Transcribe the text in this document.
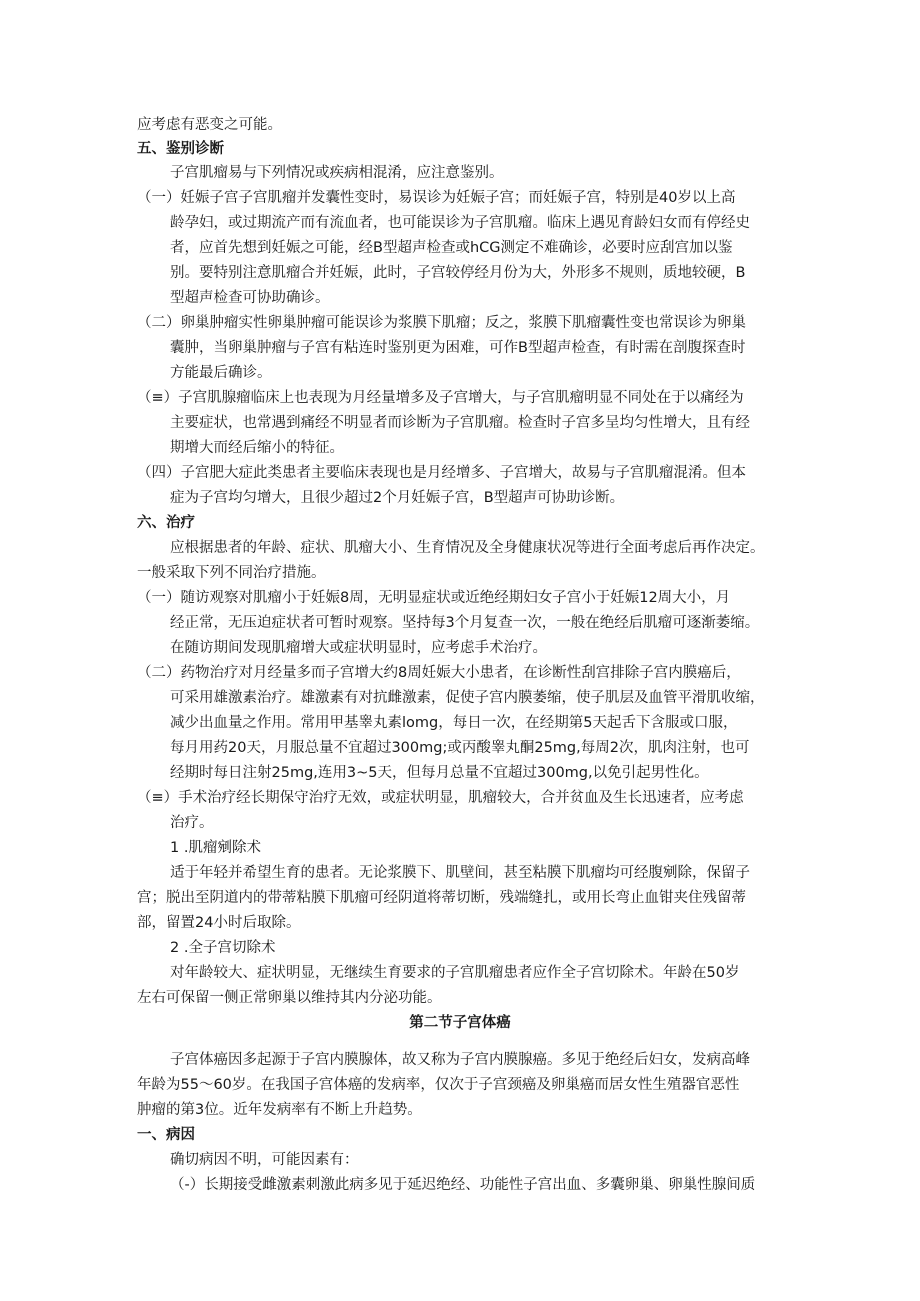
应考虑有恶变之可能。
五、鉴别诊断
子宫肌瘤易与下列情况或疾病相混淆，应注意鉴别。
（一）妊娠子宫子宫肌瘤并发囊性变时，易误诊为妊娠子宫；而妊娠子宫，特别是40岁以上高
龄孕妇，或过期流产而有流血者，也可能误诊为子宫肌瘤。临床上遇见育龄妇女而有停经史
者，应首先想到妊娠之可能，经B型超声检查或hCG测定不难确诊，必要时应刮宫加以鉴
别。要特别注意肌瘤合并妊娠，此时，子宫较停经月份为大，外形多不规则，质地较硬，B
型超声检查可协助确诊。
（二）卵巢肿瘤实性卵巢肿瘤可能误诊为浆膜下肌瘤；反之，浆膜下肌瘤囊性变也常误诊为卵巢
囊肿，当卵巢肿瘤与子宫有粘连时鉴别更为困难，可作B型超声检查，有时需在剖腹探查时
方能最后确诊。
（≡）子宫肌腺瘤临床上也表现为月经量增多及子宫增大，与子宫肌瘤明显不同处在于以痛经为
主要症状，也常遇到痛经不明显者而诊断为子宫肌瘤。检查时子宫多呈均匀性增大，且有经
期增大而经后缩小的特征。
（四）子宫肥大症此类患者主要临床表现也是月经增多、子宫增大，故易与子宫肌瘤混淆。但本
症为子宫均匀增大，且很少超过2个月妊娠子宫，B型超声可协助诊断。
六、治疗
应根据患者的年龄、症状、肌瘤大小、生育情况及全身健康状况等进行全面考虑后再作决定。
一般采取下列不同治疗措施。
（一）随访观察对肌瘤小于妊娠8周，无明显症状或近绝经期妇女子宫小于妊娠12周大小，月
经正常，无压迫症状者可暂时观察。坚持每3个月复查一次，一般在绝经后肌瘤可逐渐萎缩。
在随访期间发现肌瘤增大或症状明显时，应考虑手术治疗。
（二）药物治疗对月经量多而子宫增大约8周妊娠大小患者，在诊断性刮宫排除子宫内膜癌后，
可采用雄激素治疗。雄激素有对抗雌激素，促使子宫内膜萎缩，使子肌层及血管平滑肌收缩，
减少出血量之作用。常用甲基睾丸素lomg，每日一次，在经期第5天起舌下含服或口服，
每月用药20天，月服总量不宜超过300mg;或丙酸睾丸酮25mg,每周2次，肌肉注射，也可
经期时每日注射25mg,连用3~5天，但每月总量不宜超过300mg,以免引起男性化。
（≡）手术治疗经长期保守治疗无效，或症状明显，肌瘤较大，合并贫血及生长迅速者，应考虑
治疗。
1 .肌瘤剜除术
适于年轻并希望生育的患者。无论浆膜下、肌壁间，甚至粘膜下肌瘤均可经腹剜除，保留子
宫；脱出至阴道内的带蒂粘膜下肌瘤可经阴道将蒂切断，残端缝扎，或用长弯止血钳夹住残留蒂
部，留置24小时后取除。
2 .全子宫切除术
对年龄较大、症状明显，无继续生育要求的子宫肌瘤患者应作全子宫切除术。年龄在50岁
左右可保留一侧正常卵巢以维持其内分泌功能。
第二节子宫体癌
子宫体癌因多起源于子宫内膜腺体，故又称为子宫内膜腺癌。多见于绝经后妇女，发病高峰
年龄为55～60岁。在我国子宫体癌的发病率，仅次于子宫颈癌及卵巢癌而居女性生殖器官恶性
肿瘤的第3位。近年发病率有不断上升趋势。
一、病因
确切病因不明，可能因素有：
（-）长期接受雌激素刺激此病多见于延迟绝经、功能性子宫出血、多囊卵巢、卵巢性腺间质
